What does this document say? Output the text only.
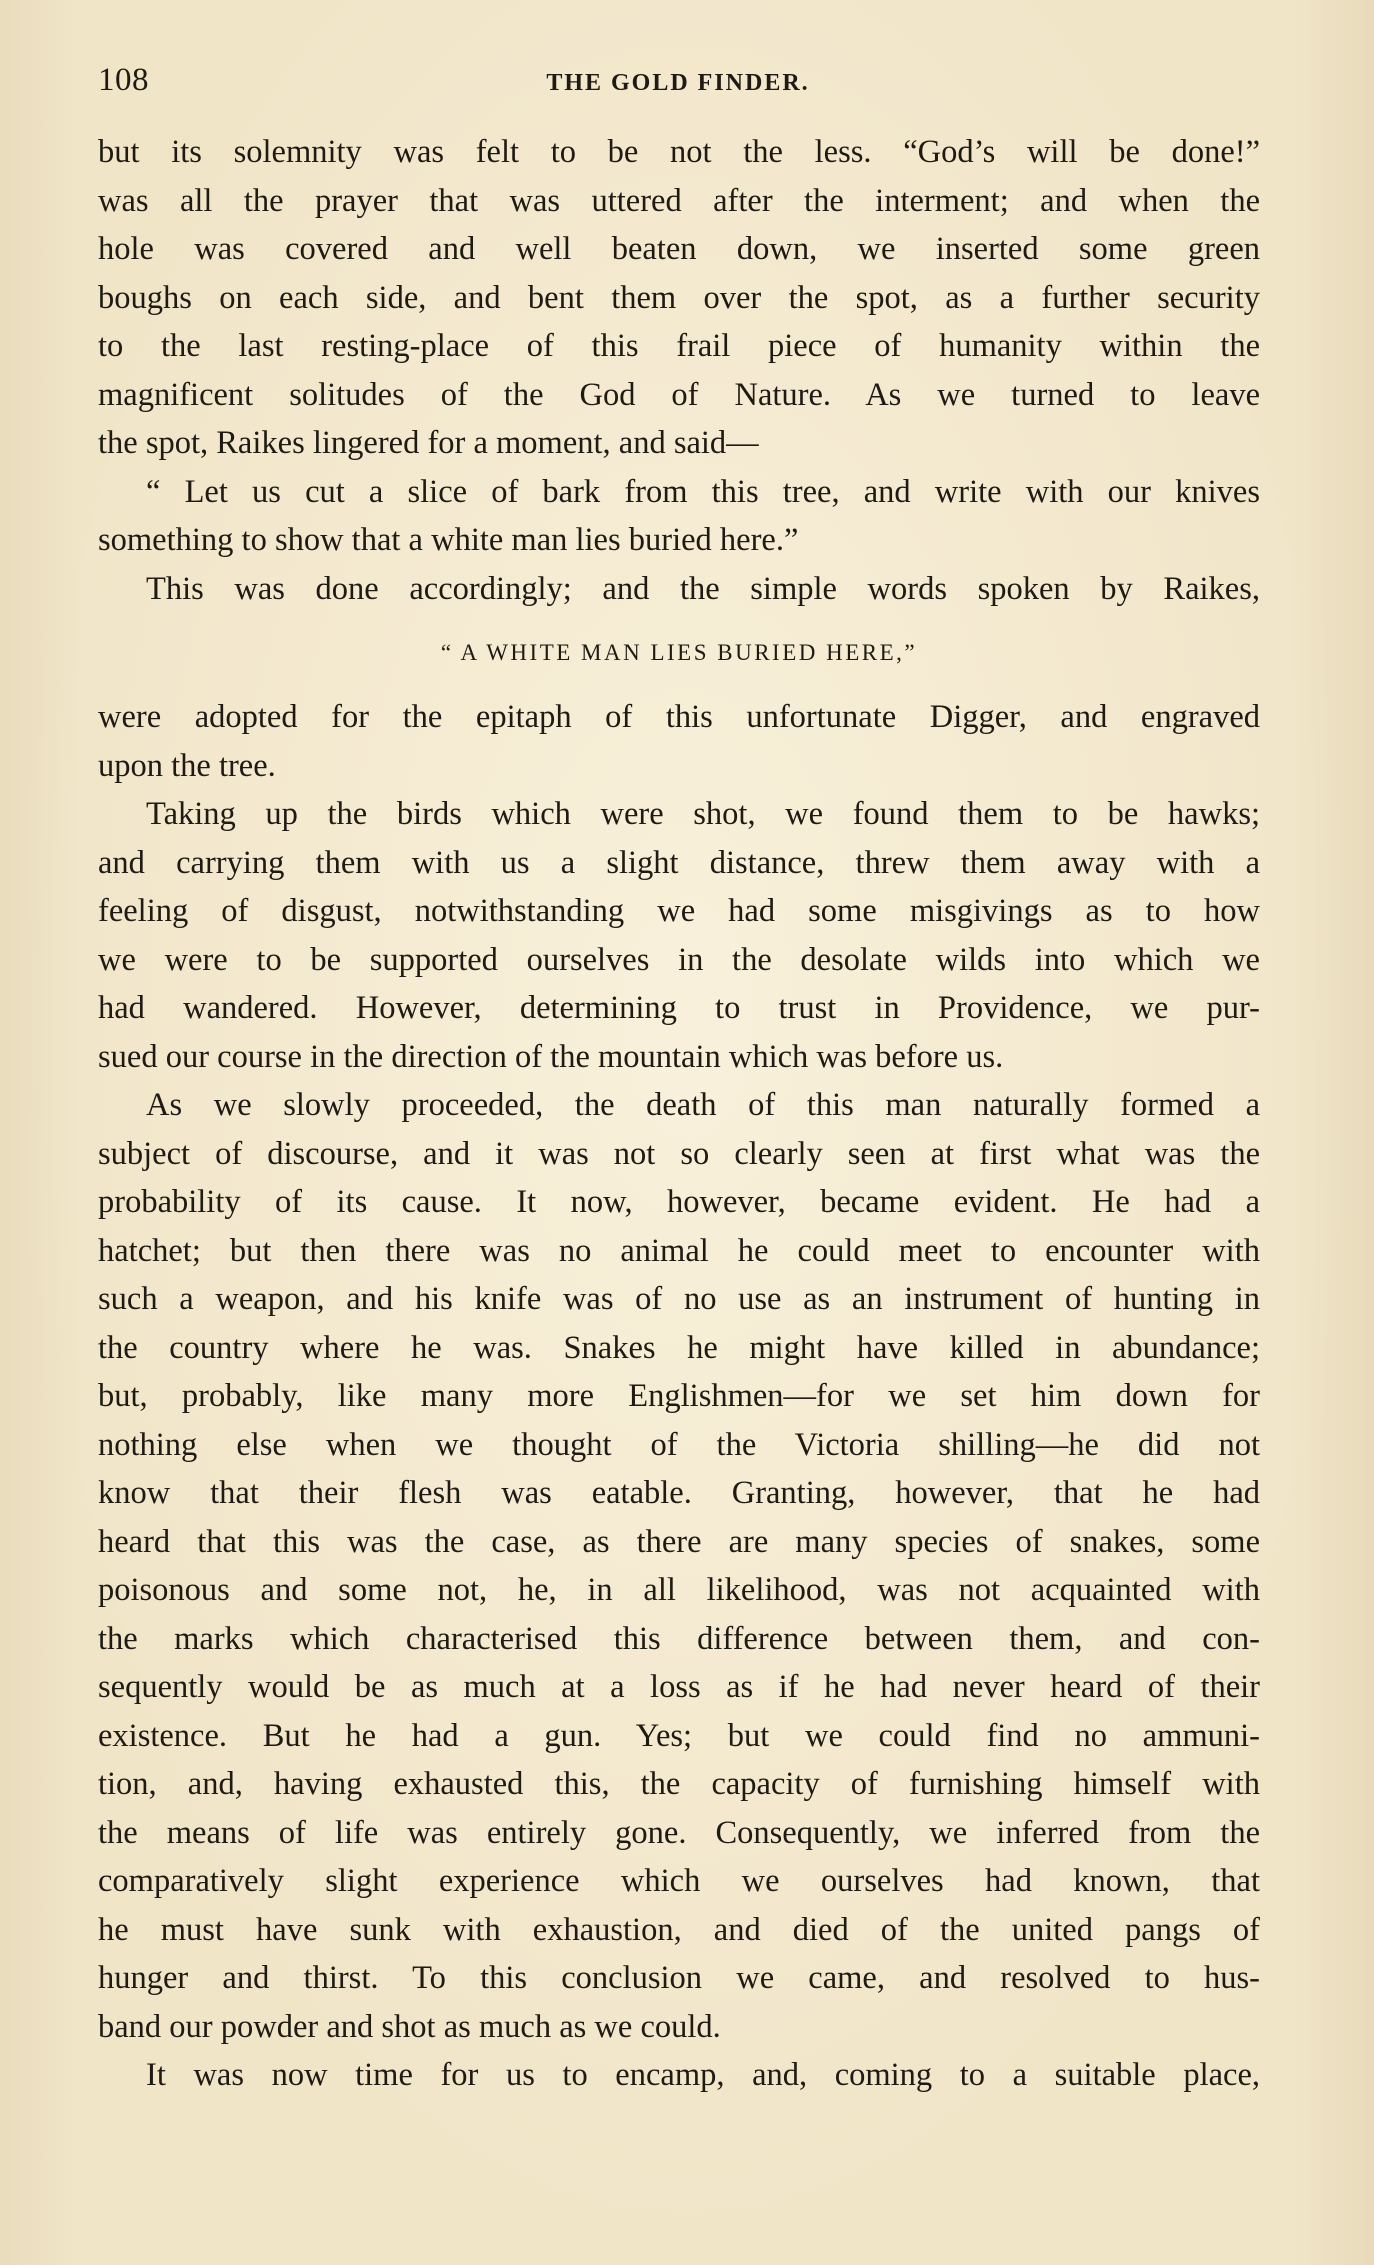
108	THE GOLD FINDER.
but its solemnity was felt to be not the less. “God’s will be done!”
was all the prayer that was uttered after the interment; and when the
hole was covered and well beaten down, we inserted some green
boughs on each side, and bent them over the spot, as a further security
to the last resting-place of this frail piece of humanity within the
magnificent solitudes of the God of Nature. As we turned to leave
the spot, Raikes lingered for a moment, and said—
“ Let us cut a slice of bark from this tree, and write with our knives
something to show that a white man lies buried here.”
This was done accordingly; and the simple words spoken by Raikes,
“ A WHITE MAN LIES BURIED HERE,”
were adopted for the epitaph of this unfortunate Digger, and engraved
upon the tree.
Taking up the birds which were shot, we found them to be hawks;
and carrying them with us a slight distance, threw them away with a
feeling of disgust, notwithstanding we had some misgivings as to how
we were to be supported ourselves in the desolate wilds into which we
had wandered. However, determining to trust in Providence, we pur-
sued our course in the direction of the mountain which was before us.
As we slowly proceeded, the death of this man naturally formed a
subject of discourse, and it was not so clearly seen at first what was the
probability of its cause. It now, however, became evident. He had a
hatchet; but then there was no animal he could meet to encounter with
such a weapon, and his knife was of no use as an instrument of hunting in
the country where he was. Snakes he might have killed in abundance;
but, probably, like many more Englishmen—for we set him down for
nothing else when we thought of the Victoria shilling—he did not
know that their flesh was eatable. Granting, however, that he had
heard that this was the case, as there are many species of snakes, some
poisonous and some not, he, in all likelihood, was not acquainted with
the marks which characterised this difference between them, and con-
sequently would be as much at a loss as if he had never heard of their
existence. But he had a gun. Yes; but we could find no ammuni-
tion, and, having exhausted this, the capacity of furnishing himself with
the means of life was entirely gone. Consequently, we inferred from the
comparatively slight experience which we ourselves had known, that
he must have sunk with exhaustion, and died of the united pangs of
hunger and thirst. To this conclusion we came, and resolved to hus-
band our powder and shot as much as we could.
It was now time for us to encamp, and, coming to a suitable place,
